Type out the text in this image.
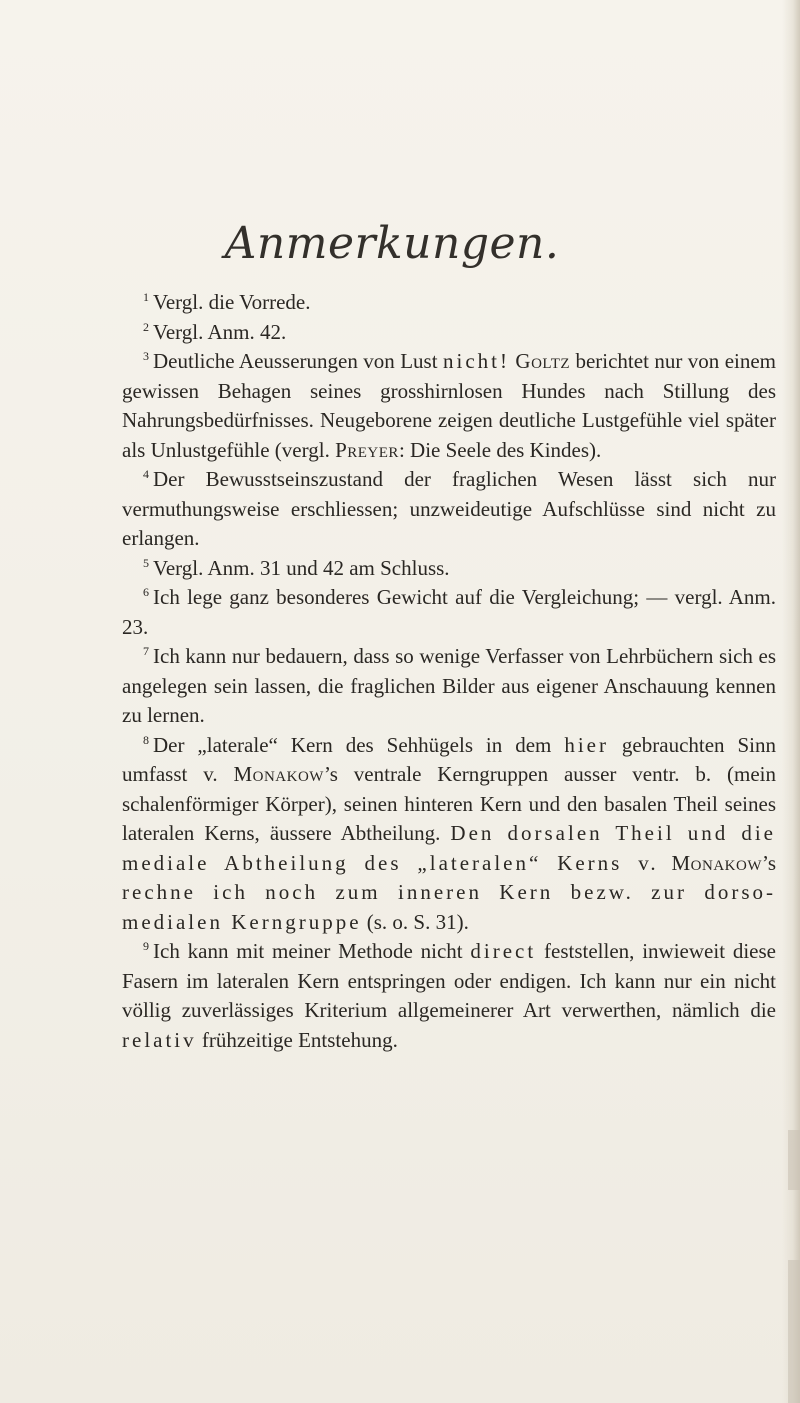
Anmerkungen.

$^1$ Vergl. die Vorrede.

$^2$ Vergl. Anm. 42.

$^3$ Deutliche Aeusserungen von Lust nicht! Goltz berichtet nur von einem gewissen Behagen seines grosshirnlosen Hundes nach Stillung des Nahrungsbedürfnisses. Neugeborene zeigen deutliche Lustgefühle viel später als Unlustgefühle (vergl. Preyer: Die Seele des Kindes).

$^4$ Der Bewusstseinszustand der fraglichen Wesen lässt sich nur vermuthungsweise erschliessen; unzweideutige Aufschlüsse sind nicht zu erlangen.

$^5$ Vergl. Anm. 31 und 42 am Schluss.

$^6$ Ich lege ganz besonderes Gewicht auf die Vergleichung; — vergl. Anm. 23.

$^7$ Ich kann nur bedauern, dass so wenige Verfasser von Lehrbüchern sich es angelegen sein lassen, die fraglichen Bilder aus eigener Anschauung kennen zu lernen.

$^8$ Der „laterale“ Kern des Sehhügels in dem hier gebrauchten Sinn umfasst v. Monakow’s ventrale Kerngruppen ausser ventr. b. (mein schalenförmiger Körper), seinen hinteren Kern und den basalen Theil seines lateralen Kerns, äussere Abtheilung. Den dorsalen Theil und die mediale Abtheilung des „lateralen“ Kerns v. Monakow’s rechne ich noch zum inneren Kern bezw. zur dorso-medialen Kerngruppe (s. o. S. 31).

$^9$ Ich kann mit meiner Methode nicht direct feststellen, inwieweit diese Fasern im lateralen Kern entspringen oder endigen. Ich kann nur ein nicht völlig zuverlässiges Kriterium allgemeinerer Art verwerthen, nämlich die relativ frühzeitige Entstehung.
